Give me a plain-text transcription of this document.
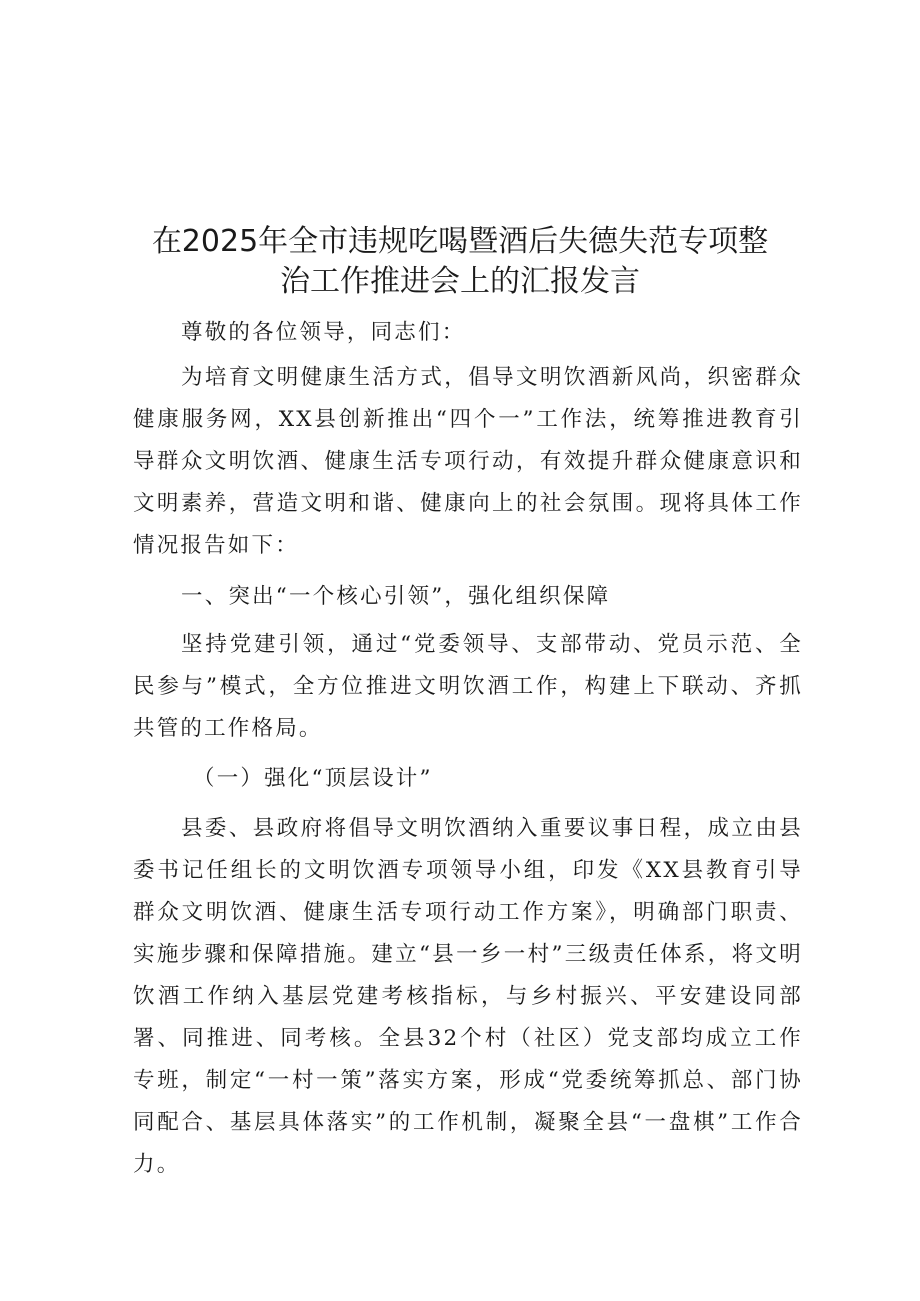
在2025年全市违规吃喝暨酒后失德失范专项整
治工作推进会上的汇报发言
尊敬的各位领导，同志们：
为培育文明健康生活方式，倡导文明饮酒新风尚，织密群众健康服务网，XX县创新推出“四个一”工作法，统筹推进教育引导群众文明饮酒、健康生活专项行动，有效提升群众健康意识和文明素养，营造文明和谐、健康向上的社会氛围。现将具体工作情况报告如下：
一、突出“一个核心引领”，强化组织保障
坚持党建引领，通过“党委领导、支部带动、党员示范、全民参与”模式，全方位推进文明饮酒工作，构建上下联动、齐抓共管的工作格局。
（一）强化“顶层设计”
县委、县政府将倡导文明饮酒纳入重要议事日程，成立由县委书记任组长的文明饮酒专项领导小组，印发《XX县教育引导群众文明饮酒、健康生活专项行动工作方案》，明确部门职责、实施步骤和保障措施。建立“县一乡一村”三级责任体系，将文明饮酒工作纳入基层党建考核指标，与乡村振兴、平安建设同部署、同推进、同考核。全县32个村（社区）党支部均成立工作专班，制定“一村一策”落实方案，形成“党委统筹抓总、部门协同配合、基层具体落实”的工作机制，凝聚全县“一盘棋”工作合力。
